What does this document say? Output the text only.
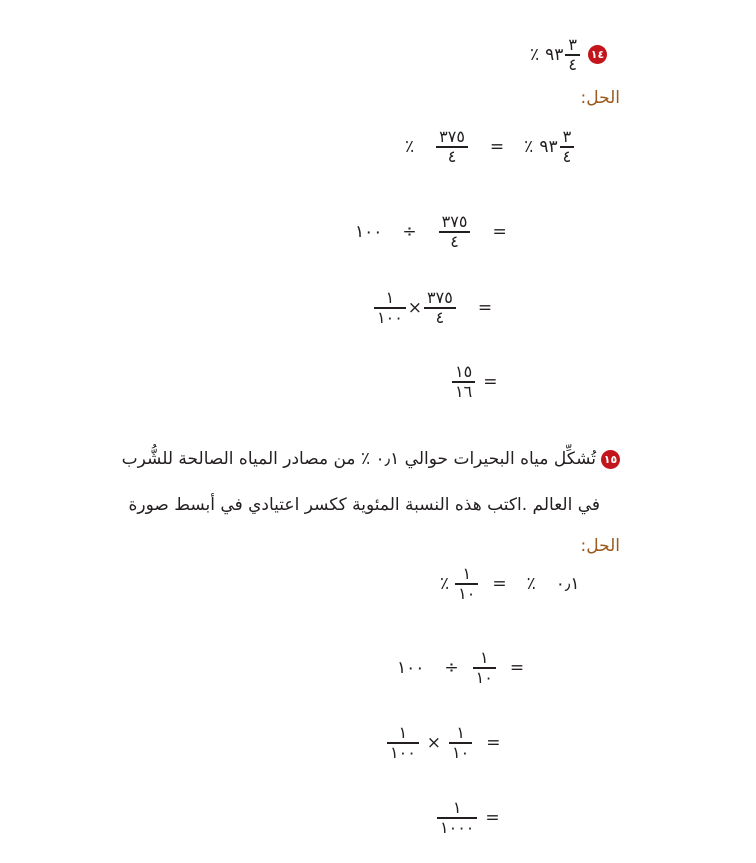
٪ ٩٣ $\frac{٣}{٤}$ ١٤
الحل:
٪ $\frac{٣٧٥}{٤}$ = ٪ ٩٣ $\frac{٣}{٤}$
١٠٠ ÷ $\frac{٣٧٥}{٤}$ =
$\frac{١}{١٠٠} \times \frac{٣٧٥}{٤}$ =
$\frac{١٥}{١٦}$ =
تُشكِّل مياه البحيرات حوالي ٠٫١ ٪ من مصادر المياه الصالحة للشُّرب ١٥
في العالم .اكتب هذه النسبة المئوية ككسر اعتيادي في أبسط صورة
الحل:
٪ $\frac{١}{١٠}$ = ٪ ٠٫١
١٠٠ ÷ $\frac{١}{١٠}$ =
$\frac{١}{١٠٠} \times \frac{١}{١٠}$ =
$\frac{١}{١٠٠٠}$ =
